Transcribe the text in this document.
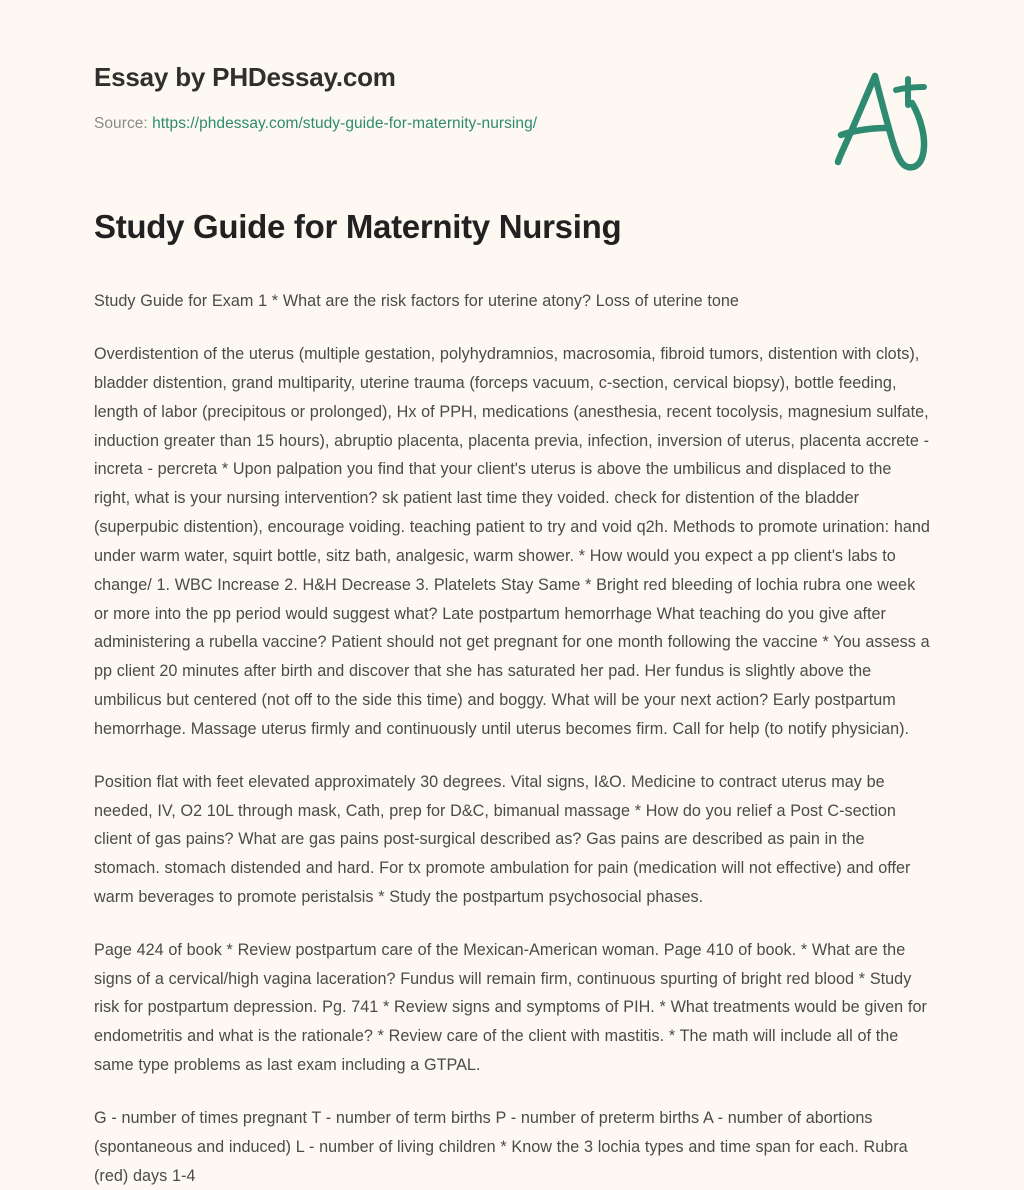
Essay by PHDessay.com
Source: https://phdessay.com/study-guide-for-maternity-nursing/
Study Guide for Maternity Nursing

Study Guide for Exam 1 * What are the risk factors for uterine atony? Loss of uterine tone

Overdistention of the uterus (multiple gestation, polyhydramnios, macrosomia, fibroid tumors, distention with clots), bladder distention, grand multiparity, uterine trauma (forceps vacuum, c-section, cervical biopsy), bottle feeding, length of labor (precipitous or prolonged), Hx of PPH, medications (anesthesia, recent tocolysis, magnesium sulfate, induction greater than 15 hours), abruptio placenta, placenta previa, infection, inversion of uterus, placenta accrete - increta - percreta * Upon palpation you find that your client's uterus is above the umbilicus and displaced to the right, what is your nursing intervention? sk patient last time they voided. check for distention of the bladder (superpubic distention), encourage voiding. teaching patient to try and void q2h. Methods to promote urination: hand under warm water, squirt bottle, sitz bath, analgesic, warm shower. * How would you expect a pp client's labs to change/ 1. WBC Increase 2. H&H Decrease 3. Platelets Stay Same * Bright red bleeding of lochia rubra one week or more into the pp period would suggest what? Late postpartum hemorrhage What teaching do you give after administering a rubella vaccine? Patient should not get pregnant for one month following the vaccine * You assess a pp client 20 minutes after birth and discover that she has saturated her pad. Her fundus is slightly above the umbilicus but centered (not off to the side this time) and boggy. What will be your next action? Early postpartum hemorrhage. Massage uterus firmly and continuously until uterus becomes firm. Call for help (to notify physician).

Position flat with feet elevated approximately 30 degrees. Vital signs, I&O. Medicine to contract uterus may be needed, IV, O2 10L through mask, Cath, prep for D&C, bimanual massage * How do you relief a Post C-section client of gas pains? What are gas pains post-surgical described as? Gas pains are described as pain in the stomach. stomach distended and hard. For tx promote ambulation for pain (medication will not effective) and offer warm beverages to promote peristalsis * Study the postpartum psychosocial phases.

Page 424 of book * Review postpartum care of the Mexican-American woman. Page 410 of book. * What are the signs of a cervical/high vagina laceration? Fundus will remain firm, continuous spurting of bright red blood * Study risk for postpartum depression. Pg. 741 * Review signs and symptoms of PIH. * What treatments would be given for endometritis and what is the rationale? * Review care of the client with mastitis. * The math will include all of the same type problems as last exam including a GTPAL.

G - number of times pregnant T - number of term births P - number of preterm births A - number of abortions (spontaneous and induced) L - number of living children * Know the 3 lochia types and time span for each. Rubra (red) days 1-4
